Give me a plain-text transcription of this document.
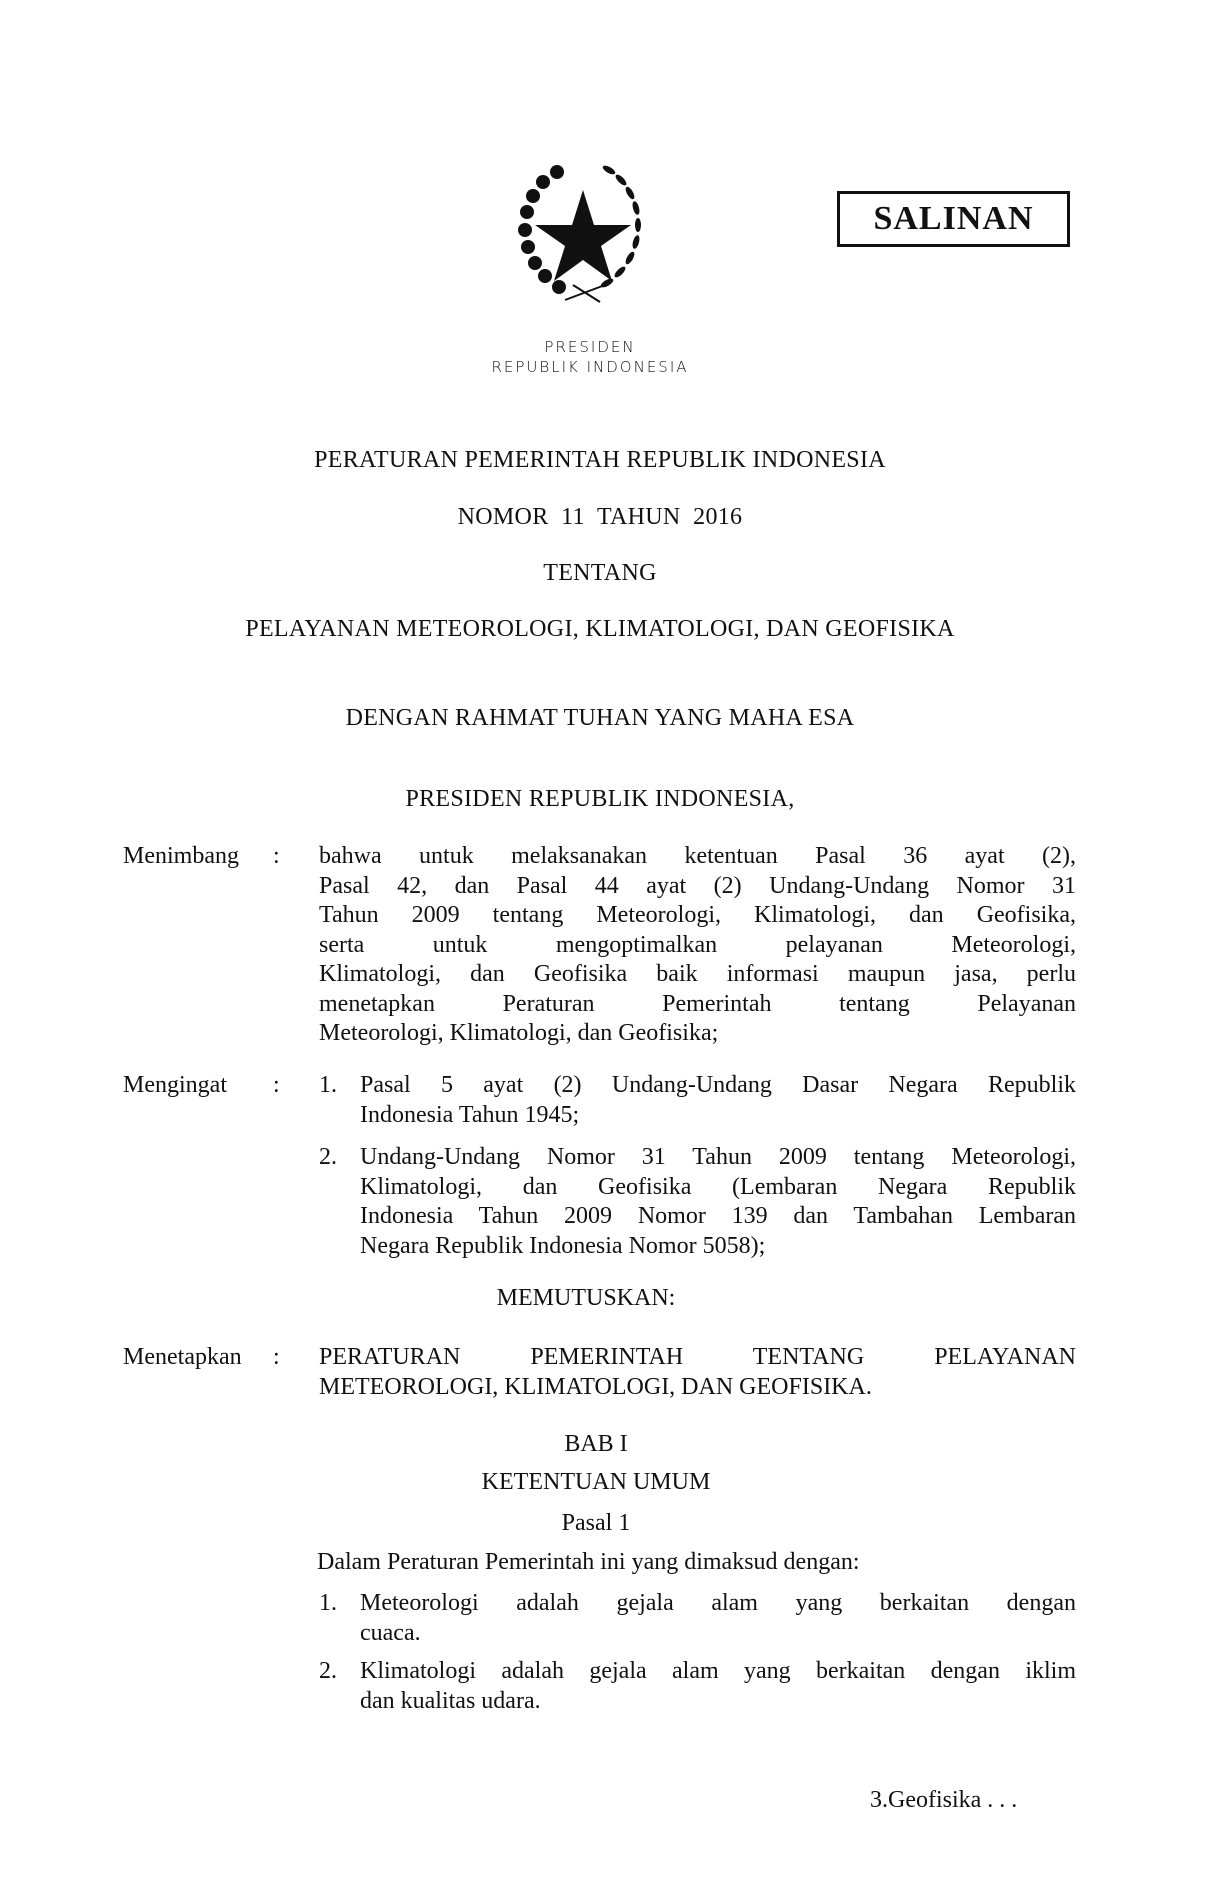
SALINAN
PRESIDEN
REPUBLIK INDONESIA
PERATURAN PEMERINTAH REPUBLIK INDONESIA
NOMOR  11  TAHUN  2016
TENTANG
PELAYANAN METEOROLOGI, KLIMATOLOGI, DAN GEOFISIKA
DENGAN RAHMAT TUHAN YANG MAHA ESA
PRESIDEN REPUBLIK INDONESIA,
Menimbang : bahwa untuk melaksanakan ketentuan Pasal 36 ayat (2),
Pasal 42, dan Pasal 44 ayat (2) Undang-Undang Nomor 31
Tahun 2009 tentang Meteorologi, Klimatologi, dan Geofisika,
serta untuk mengoptimalkan pelayanan Meteorologi,
Klimatologi, dan Geofisika baik informasi maupun jasa, perlu
menetapkan Peraturan Pemerintah tentang Pelayanan
Meteorologi, Klimatologi, dan Geofisika;
Mengingat : 1. Pasal 5 ayat (2) Undang-Undang Dasar Negara Republik
Indonesia Tahun 1945;
2. Undang-Undang Nomor 31 Tahun 2009 tentang Meteorologi,
Klimatologi, dan Geofisika (Lembaran Negara Republik
Indonesia Tahun 2009 Nomor 139 dan Tambahan Lembaran
Negara Republik Indonesia Nomor 5058);
MEMUTUSKAN:
Menetapkan : PERATURAN PEMERINTAH TENTANG PELAYANAN
METEOROLOGI, KLIMATOLOGI, DAN GEOFISIKA.
BAB I
KETENTUAN UMUM
Pasal 1
Dalam Peraturan Pemerintah ini yang dimaksud dengan:
1. Meteorologi adalah gejala alam yang berkaitan dengan
cuaca.
2. Klimatologi adalah gejala alam yang berkaitan dengan iklim
dan kualitas udara.
3.Geofisika . . .
